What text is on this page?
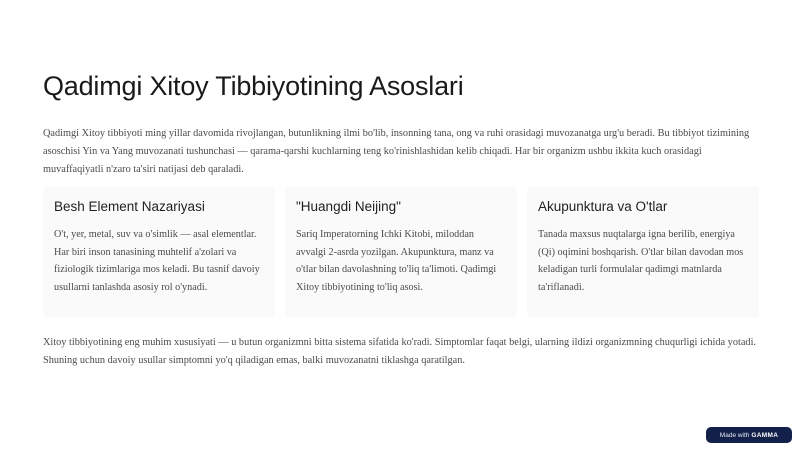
Qadimgi Xitoy Tibbiyotining Asoslari

Qadimgi Xitoy tibbiyoti ming yillar davomida rivojlangan, butunlikning ilmi bo'lib, insonning tana, ong va ruhi orasidagi muvozanatga urg'u beradi. Bu tibbiyot tizimining asoschisi Yin va Yang muvozanati tushunchasi — qarama-qarshi kuchlarning teng ko'rinishlashidan kelib chiqadi. Har bir organizm ushbu ikkita kuch orasidagi muvaffaqiyatli n'zaro ta'siri natijasi deb qaraladi.

Besh Element Nazariyasi

O't, yer, metal, suv va o'simlik — asal elementlar. Har biri inson tanasining muhtelif a'zolari va fiziologik tizimlariga mos keladi. Bu tasnif davoiy usullarni tanlashda asosiy rol o'ynadi.

"Huangdi Neijing"

Sariq Imperatorning Ichki Kitobi, miloddan avvalgi 2-asrda yozilgan. Akupunktura, manz va o'tlar bilan davolashning to'liq ta'limoti. Qadimgi Xitoy tibbiyotining to'liq asosi.

Akupunktura va O'tlar

Tanada maxsus nuqtalarga igna berilib, energiya (Qi) oqimini boshqarish. O'tlar bilan davodan mos keladigan turli formulalar qadimgi matnlarda ta'riflanadi.

Xitoy tibbiyotining eng muhim xususiyati — u butun organizmni bitta sistema sifatida ko'radi. Simptomlar faqat belgi, ularning ildizi organizmning chuqurligi ichida yotadi. Shuning uchun davoiy usullar simptomni yo'q qiladigan emas, balki muvozanatni tiklashga qaratilgan.

Made with GAMMA
